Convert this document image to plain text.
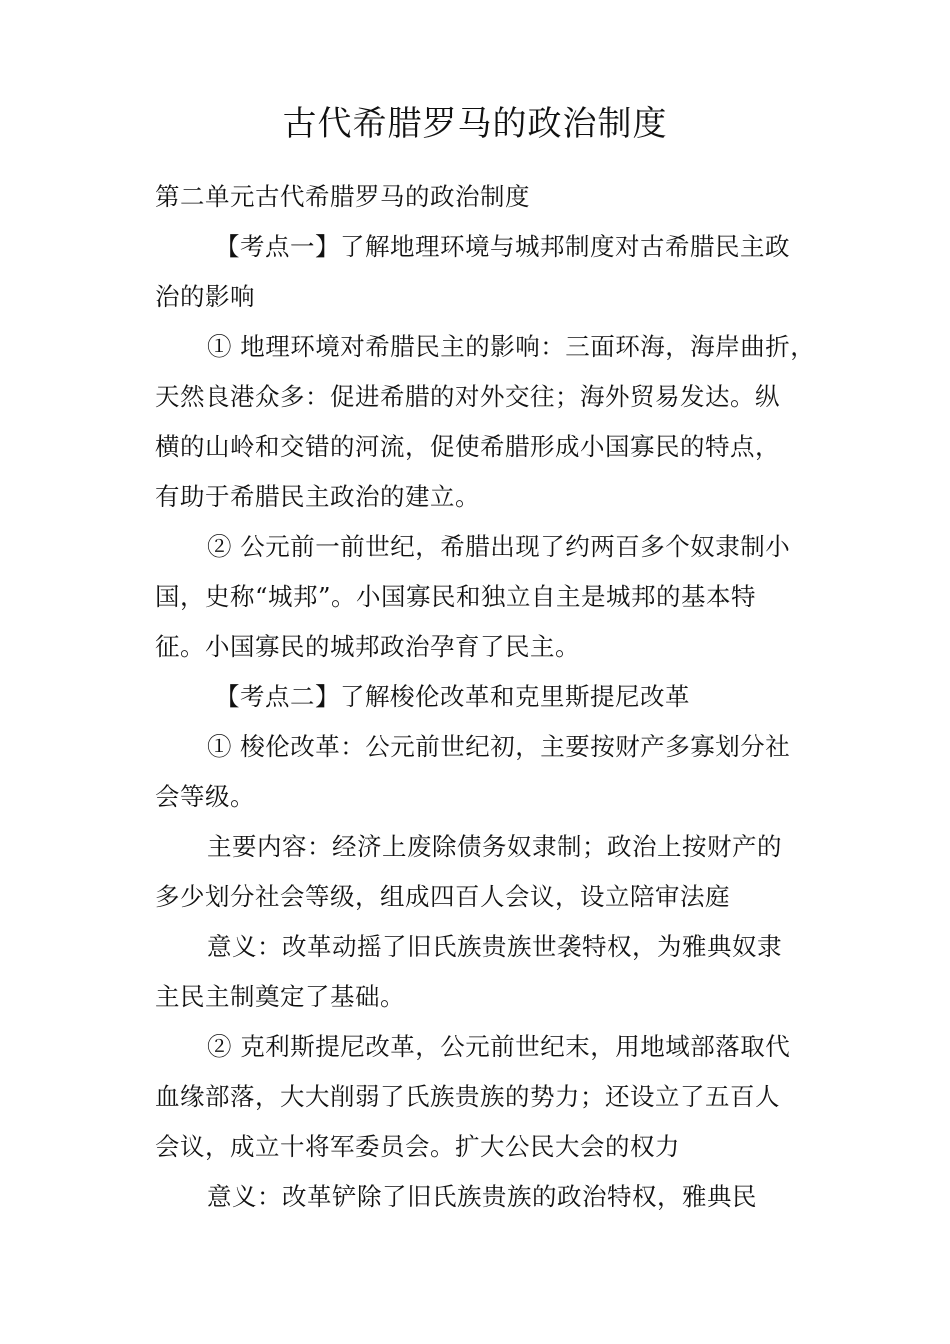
古代希腊罗马的政治制度
第二单元古代希腊罗马的政治制度
【考点一】了解地理环境与城邦制度对古希腊民主政
治的影响
① 地理环境对希腊民主的影响：三面环海，海岸曲折，
天然良港众多：促进希腊的对外交往；海外贸易发达。纵
横的山岭和交错的河流，促使希腊形成小国寡民的特点，
有助于希腊民主政治的建立。
② 公元前一前世纪，希腊出现了约两百多个奴隶制小
国，史称“城邦”。小国寡民和独立自主是城邦的基本特
征。小国寡民的城邦政治孕育了民主。
【考点二】了解梭伦改革和克里斯提尼改革
① 梭伦改革：公元前世纪初，主要按财产多寡划分社
会等级。
主要内容：经济上废除债务奴隶制；政治上按财产的
多少划分社会等级，组成四百人会议，设立陪审法庭
意义：改革动摇了旧氏族贵族世袭特权，为雅典奴隶
主民主制奠定了基础。
② 克利斯提尼改革，公元前世纪末，用地域部落取代
血缘部落，大大削弱了氏族贵族的势力；还设立了五百人
会议，成立十将军委员会。扩大公民大会的权力
意义：改革铲除了旧氏族贵族的政治特权，雅典民
